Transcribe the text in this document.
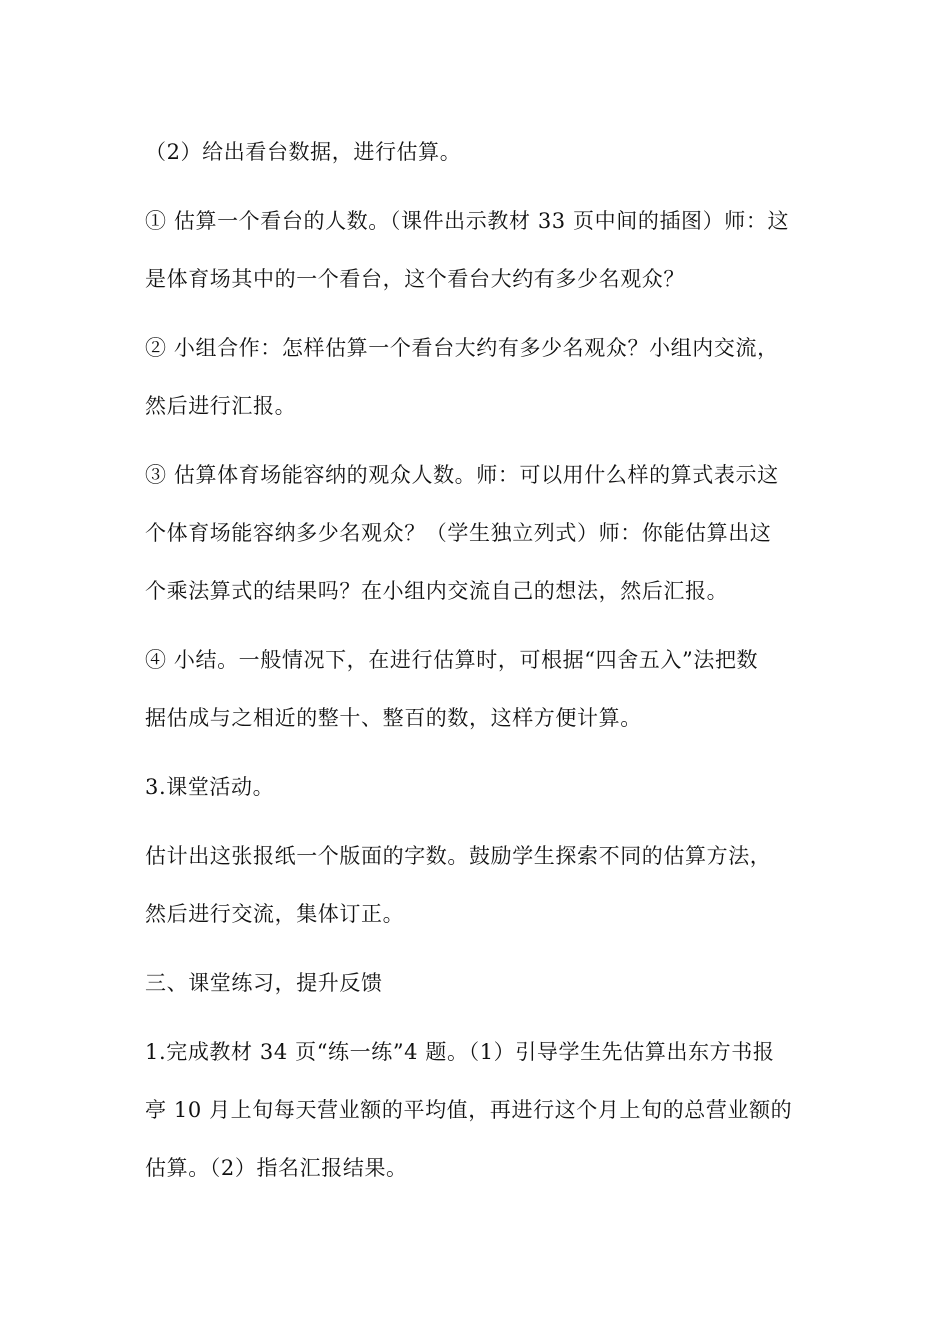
（2）给出看台数据，进行估算。
① 估算一个看台的人数。（课件出示教材 33 页中间的插图）师：这
是体育场其中的一个看台，这个看台大约有多少名观众？
② 小组合作：怎样估算一个看台大约有多少名观众？小组内交流，
然后进行汇报。
③ 估算体育场能容纳的观众人数。师：可以用什么样的算式表示这
个体育场能容纳多少名观众？（学生独立列式）师：你能估算出这
个乘法算式的结果吗？在小组内交流自己的想法，然后汇报。
④ 小结。一般情况下，在进行估算时，可根据“四舍五入”法把数
据估成与之相近的整十、整百的数，这样方便计算。
3.课堂活动。
估计出这张报纸一个版面的字数。鼓励学生探索不同的估算方法，
然后进行交流，集体订正。
三、课堂练习，提升反馈
1.完成教材 34 页“练一练”4 题。（1）引导学生先估算出东方书报
亭 10 月上旬每天营业额的平均值，再进行这个月上旬的总营业额的
估算。（2）指名汇报结果。
